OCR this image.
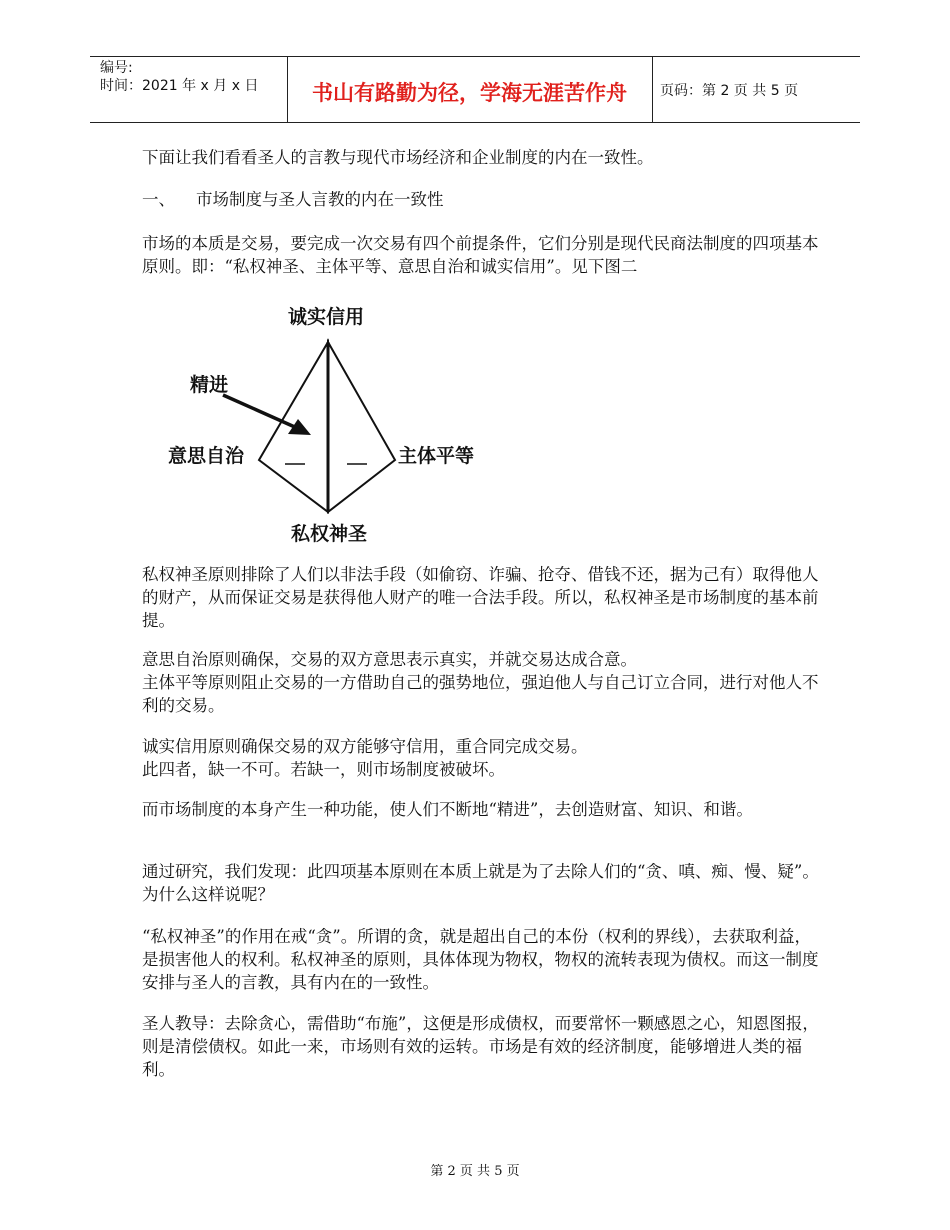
编号:
时间：2021 年 x 月 x 日	书山有路勤为径，学海无涯苦作舟	页码：第 2 页 共 5 页

下面让我们看看圣人的言教与现代市场经济和企业制度的内在一致性。

一、    市场制度与圣人言教的内在一致性

市场的本质是交易，要完成一次交易有四个前提条件，它们分别是现代民商法制度的四项基本原则。即：“私权神圣、主体平等、意思自治和诚实信用”。见下图二

诚实信用
精进
意思自治	主体平等
私权神圣

私权神圣原则排除了人们以非法手段（如偷窃、诈骗、抢夺、借钱不还，据为己有）取得他人的财产，从而保证交易是获得他人财产的唯一合法手段。所以，私权神圣是市场制度的基本前提。

意思自治原则确保，交易的双方意思表示真实，并就交易达成合意。

主体平等原则阻止交易的一方借助自己的强势地位，强迫他人与自己订立合同，进行对他人不利的交易。

诚实信用原则确保交易的双方能够守信用，重合同完成交易。

此四者，缺一不可。若缺一，则市场制度被破坏。

而市场制度的本身产生一种功能，使人们不断地“精进”，去创造财富、知识、和谐。

通过研究，我们发现：此四项基本原则在本质上就是为了去除人们的“贪、嗔、痴、慢、疑”。为什么这样说呢？

“私权神圣”的作用在戒“贪”。所谓的贪，就是超出自己的本份（权利的界线），去获取利益，是损害他人的权利。私权神圣的原则，具体体现为物权，物权的流转表现为债权。而这一制度安排与圣人的言教，具有内在的一致性。

圣人教导：去除贪心，需借助“布施”，这便是形成债权，而要常怀一颗感恩之心，知恩图报，则是清偿债权。如此一来，市场则有效的运转。市场是有效的经济制度，能够增进人类的福利。

第 2 页 共 5 页
